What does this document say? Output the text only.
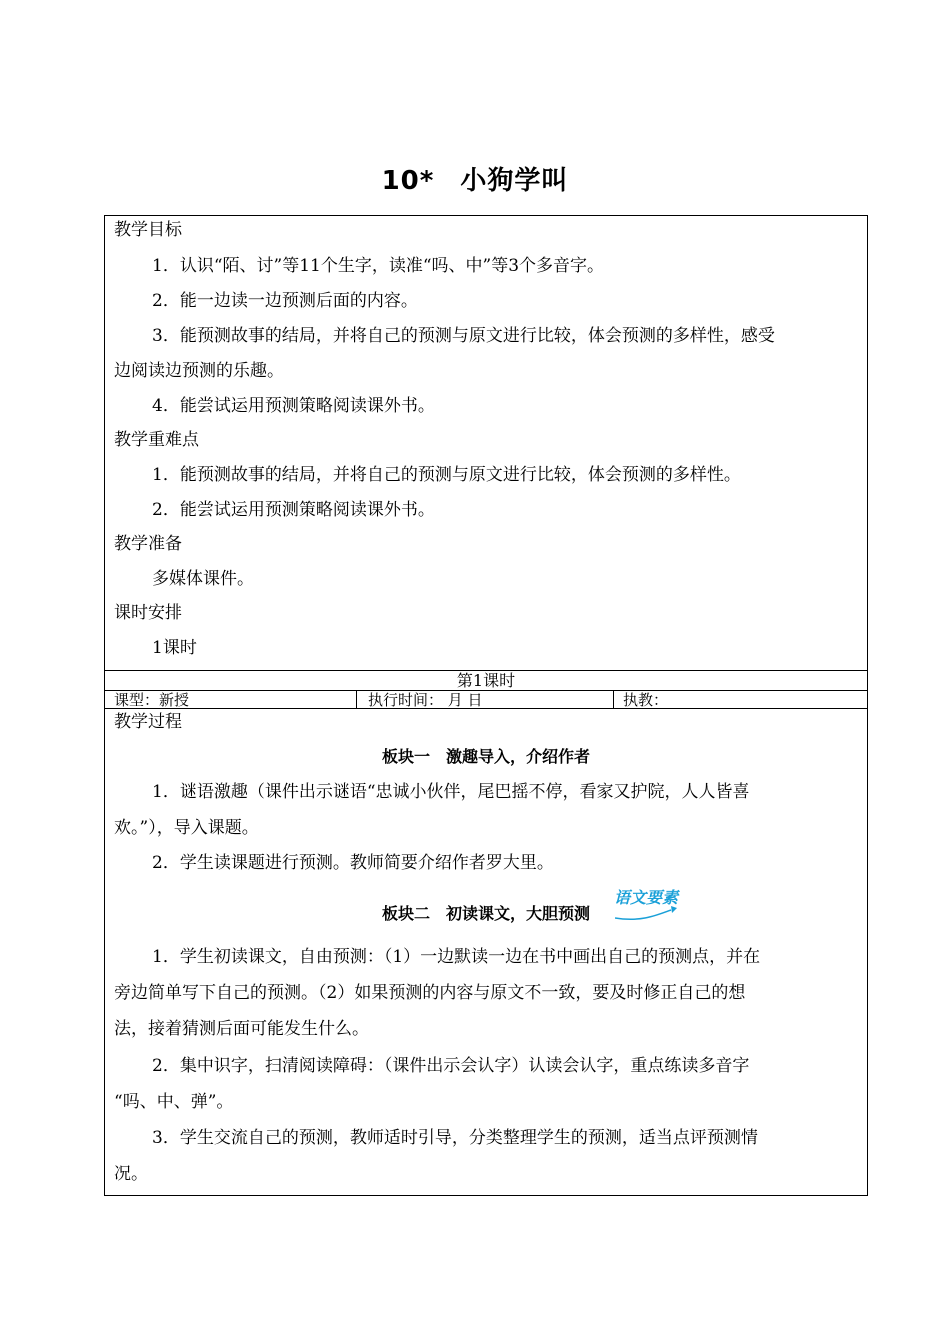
10* 小狗学叫
教学目标
1．认识“陌、讨”等11个生字，读准“吗、中”等3个多音字。
2．能一边读一边预测后面的内容。
3．能预测故事的结局，并将自己的预测与原文进行比较，体会预测的多样性，感受
边阅读边预测的乐趣。
4．能尝试运用预测策略阅读课外书。
教学重难点
1．能预测故事的结局，并将自己的预测与原文进行比较，体会预测的多样性。
2．能尝试运用预测策略阅读课外书。
教学准备
多媒体课件。
课时安排
1课时
第1课时
课型：新授	执行时间： 月 日	执教：
教学过程
板块一　激趣导入，介绍作者
1．谜语激趣（课件出示谜语“忠诚小伙伴，尾巴摇不停，看家又护院，人人皆喜
欢。”），导入课题。
2．学生读课题进行预测。教师简要介绍作者罗大里。
板块二　初读课文，大胆预测
1．学生初读课文，自由预测：（1）一边默读一边在书中画出自己的预测点，并在
旁边简单写下自己的预测。（2）如果预测的内容与原文不一致，要及时修正自己的想
法，接着猜测后面可能发生什么。
2．集中识字，扫清阅读障碍：（课件出示会认字）认读会认字，重点练读多音字
“吗、中、弹”。
3．学生交流自己的预测，教师适时引导，分类整理学生的预测，适当点评预测情
况。
语文要素
